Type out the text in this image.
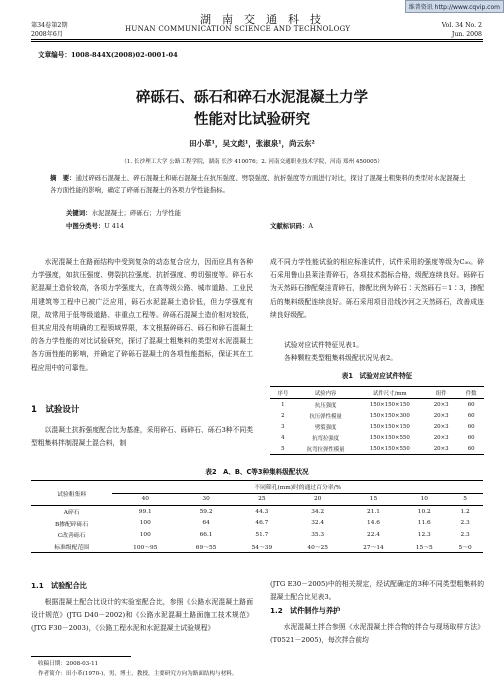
维普资讯 http://www.cqvip.com
第34卷第2期
2008年6月
湖南交通科技
HUNAN COMMUNICATION SCIENCE AND TECHNOLOGY	Vol. 34 No. 2
Jun. 2008
文章编号：1008-844X(2008)02-0001-04
碎砾石、砾石和碎石水泥混凝土力学
性能对比试验研究
田小革¹，吴文彪¹，张淑泉¹，尚云东²
（1. 长沙理工大学 公路工程学院，湖南 长沙 410076；2. 河南交通职业技术学院，河南 郑州 450005）
摘　要：通过碎砾石混凝土、碎石混凝土和砾石混凝土在抗压强度、劈裂强度、抗折强度等方面进行对比，探讨了混凝土粗集料的类型对水泥混凝土各方面性能的影响，确定了碎砾石混凝土的各项力学性能指标。
关键词：水泥混凝土；碎砾石；力学性能
中图分类号：U 414	文献标识码：A
水泥混凝土在路面结构中受到复杂的动态复合应力，因而应具有各种力学强度，如抗压强度、劈裂抗拉强度、抗折强度、剪切强度等。碎石水泥混凝土造价较高，各项力学强度大，在高等级公路、城市道路、工业民用建筑等工程中已被广泛应用，砾石水泥混凝土造价低，但力学强度有限，故常用于低等级道路、非重点工程等。碎砾石混凝土造价相对较低，但其应用没有明确的工程领域界限，本文根据碎砾石、砾石和碎石混凝土的各力学性能的对比试验研究，探讨了混凝土粗集料的类型对水泥混凝土各方面性能的影响，并确定了碎砾石混凝土的各项性能指标，保证其在工程应用中的可靠性。
1　试验设计
以混凝土抗拆强度配合比为基准，采用碎石、砾碎石、砾石3种不同类型粗集料拌制混凝土混合料，制
成不同力学性能试验的相应标准试件，试件采用的强度等级为C₃₀。碎石采用鲁山县莱洼青碎石，各项技术指标合格，级配连续良好。砾碎石为天然砾石掺配粲洼青碎石，掺配比例为碎石∶天然砾石＝1∶3，掺配后的集料级配连续良好。砾石采用项目沿线沙河之天然砾石，改善成连续良好级配。
试验对应试件特征见表1。
各种颗粒类型粗集料级配状况见表2。
表1　试验对应试件特征
序号	试验内容	试件尺寸/mm	组件	件数
1	抗压强度	150×150×150	20×3	60
2	抗压弹性模量	150×150×300	20×3	60
3	劈裂强度	150×150×150	20×3	60
4	抗弯拉强度	150×150×550	20×3	60
5	抗弯拉弹性模量	150×150×550	20×3	60
表2　A、B、C等3种集料级配状况
试验粗集料	不同筛孔(mm)时的通过百分率/%						
	40	30	25	20	15	10	5
A碎石	99.1	59.2	44.3	34.2	21.1	10.2	1.2
B掺配碎砾石	100	64	46.7	32.4	14.6	11.6	2.3
C改善砾石	100	66.1	51.7	35.3	22.4	12.3	2.3
标准级配范围	100～95	69～55	54～39	40～25	27～14	15～5	5～0
1.1　试验配合比
根据混凝土配合比设计的实验室配合比，参照《公路水泥混凝土路面设计规范》(JTG D40－2002)和《公路水泥混凝土路面施工技术规范》(JTG F30－2003)，《公路工程水泥和水泥混凝土试验规程》
(JTG E30－2005)中的相关规定，经试配确定的3种不同类型粗集料的混凝土配合比见表3。
1.2　试件制作与养护
水泥混凝土拌合参照《水泥混凝土拌合物的拌合与现场取样方法》(T0521－2005)，每次拌合前均
收稿日期：2008-03-11
作者简介：田小革(1970-)，男，博士，教授，主要研究方向为路面结构与材料。
